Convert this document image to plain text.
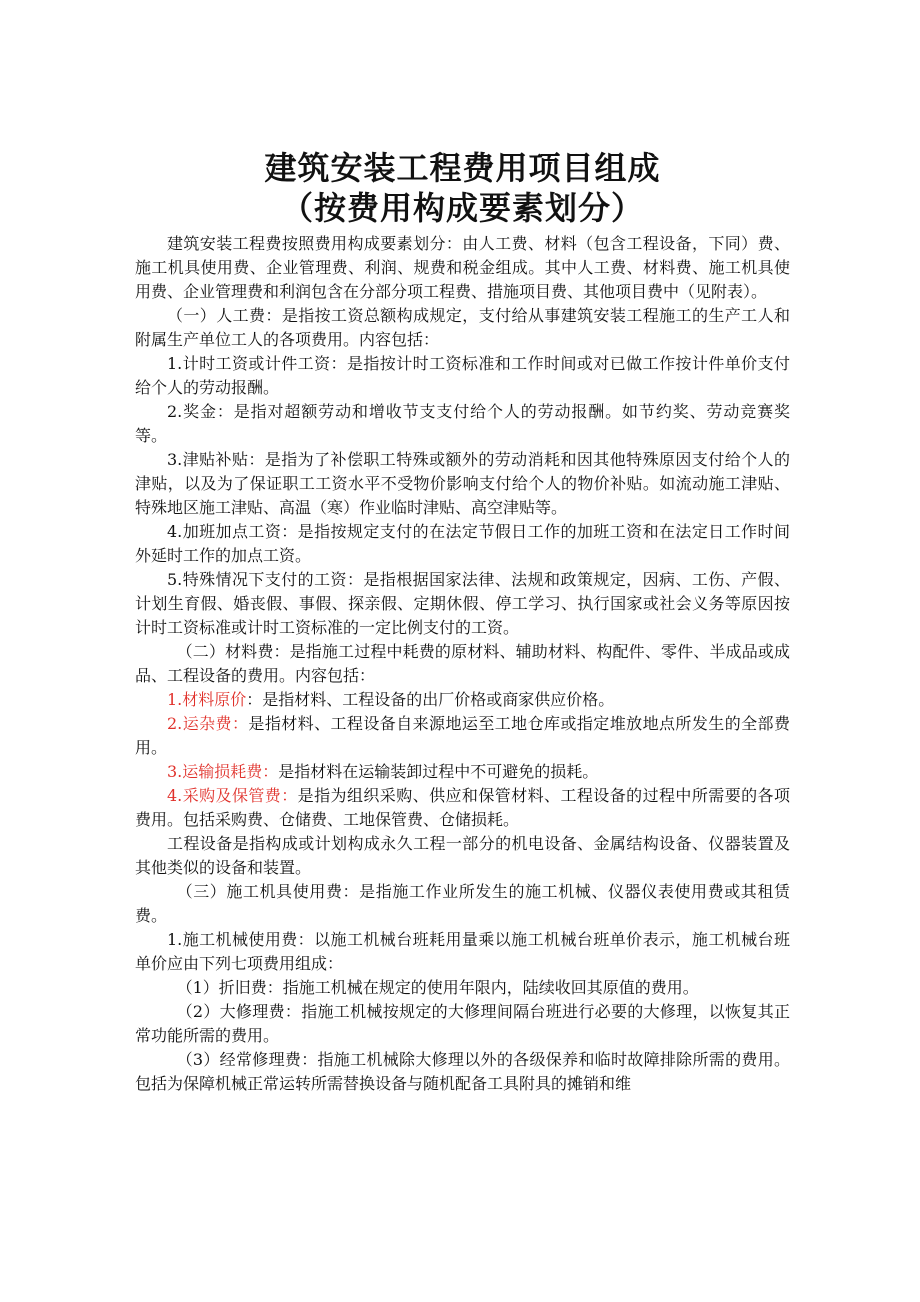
建筑安装工程费用项目组成
（按费用构成要素划分）

建筑安装工程费按照费用构成要素划分：由人工费、材料（包含工程设备，下同）费、施工机具使用费、企业管理费、利润、规费和税金组成。其中人工费、材料费、施工机具使用费、企业管理费和利润包含在分部分项工程费、措施项目费、其他项目费中（见附表）。

（一）人工费：是指按工资总额构成规定，支付给从事建筑安装工程施工的生产工人和附属生产单位工人的各项费用。内容包括：

1.计时工资或计件工资：是指按计时工资标准和工作时间或对已做工作按计件单价支付给个人的劳动报酬。

2.奖金：是指对超额劳动和增收节支支付给个人的劳动报酬。如节约奖、劳动竞赛奖等。

3.津贴补贴：是指为了补偿职工特殊或额外的劳动消耗和因其他特殊原因支付给个人的津贴，以及为了保证职工工资水平不受物价影响支付给个人的物价补贴。如流动施工津贴、特殊地区施工津贴、高温（寒）作业临时津贴、高空津贴等。

4.加班加点工资：是指按规定支付的在法定节假日工作的加班工资和在法定日工作时间外延时工作的加点工资。

5.特殊情况下支付的工资：是指根据国家法律、法规和政策规定，因病、工伤、产假、计划生育假、婚丧假、事假、探亲假、定期休假、停工学习、执行国家或社会义务等原因按计时工资标准或计时工资标准的一定比例支付的工资。

（二）材料费：是指施工过程中耗费的原材料、辅助材料、构配件、零件、半成品或成品、工程设备的费用。内容包括：

1.材料原价：是指材料、工程设备的出厂价格或商家供应价格。

2.运杂费：是指材料、工程设备自来源地运至工地仓库或指定堆放地点所发生的全部费用。

3.运输损耗费：是指材料在运输装卸过程中不可避免的损耗。

4.采购及保管费：是指为组织采购、供应和保管材料、工程设备的过程中所需要的各项费用。包括采购费、仓储费、工地保管费、仓储损耗。

工程设备是指构成或计划构成永久工程一部分的机电设备、金属结构设备、仪器装置及其他类似的设备和装置。

（三）施工机具使用费：是指施工作业所发生的施工机械、仪器仪表使用费或其租赁费。

1.施工机械使用费：以施工机械台班耗用量乘以施工机械台班单价表示，施工机械台班单价应由下列七项费用组成：

（1）折旧费：指施工机械在规定的使用年限内，陆续收回其原值的费用。

（2）大修理费：指施工机械按规定的大修理间隔台班进行必要的大修理，以恢复其正常功能所需的费用。

（3）经常修理费：指施工机械除大修理以外的各级保养和临时故障排除所需的费用。包括为保障机械正常运转所需替换设备与随机配备工具附具的摊销和维
